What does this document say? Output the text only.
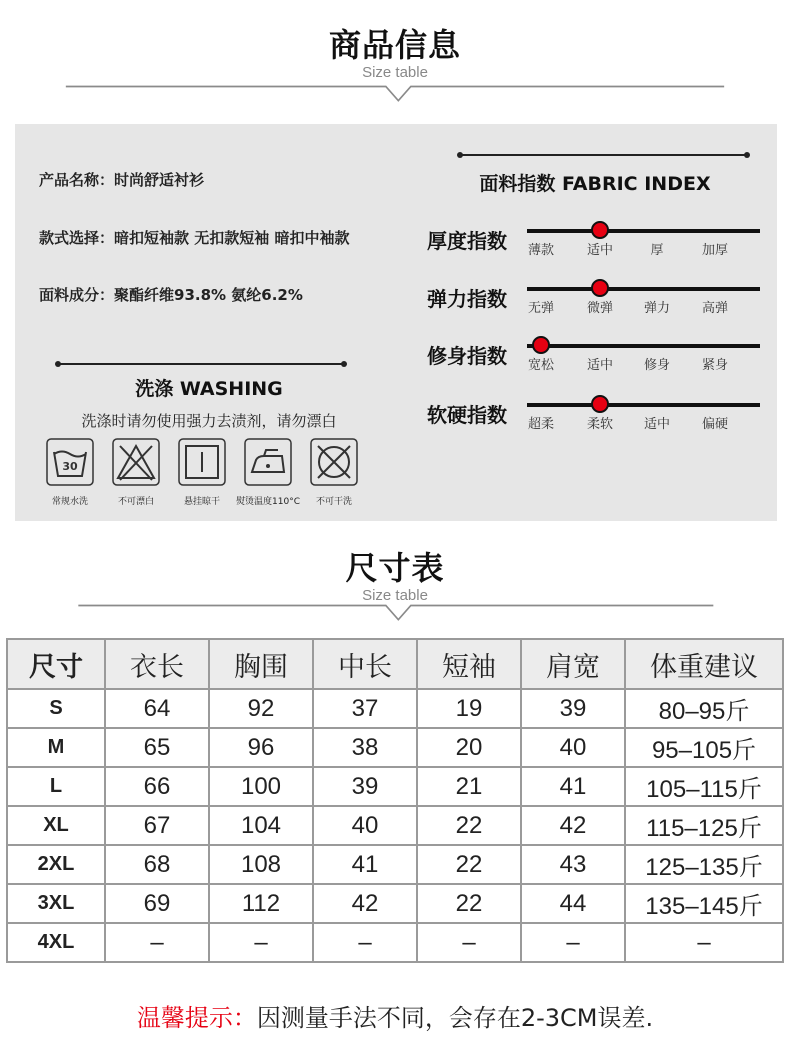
商品信息
Size table
产品名称：时尚舒适衬衫
款式选择：暗扣短袖款 无扣款短袖 暗扣中袖款
面料成分：聚酯纤维93.8% 氨纶6.2%
洗涤 WASHING
洗涤时请勿使用强力去渍剂，请勿漂白
30
常规水洗	不可漂白	悬挂晾干	熨烫温度110°C	不可干洗
面料指数 FABRIC INDEX
厚度指数	薄款	适中	厚	加厚
弹力指数	无弹	微弹	弹力	高弹
修身指数	宽松	适中	修身	紧身
软硬指数	超柔	柔软	适中	偏硬
尺寸表
Size table
尺寸	衣长	胸围	中长	短袖	肩宽	体重建议
S	64	92	37	19	39	80–95斤
M	65	96	38	20	40	95–105斤
L	66	100	39	21	41	105–115斤
XL	67	104	40	22	42	115–125斤
2XL	68	108	41	22	43	125–135斤
3XL	69	112	42	22	44	135–145斤
4XL	–	–	–	–	–	–
温馨提示：因测量手法不同，会存在2-3CM误差.
